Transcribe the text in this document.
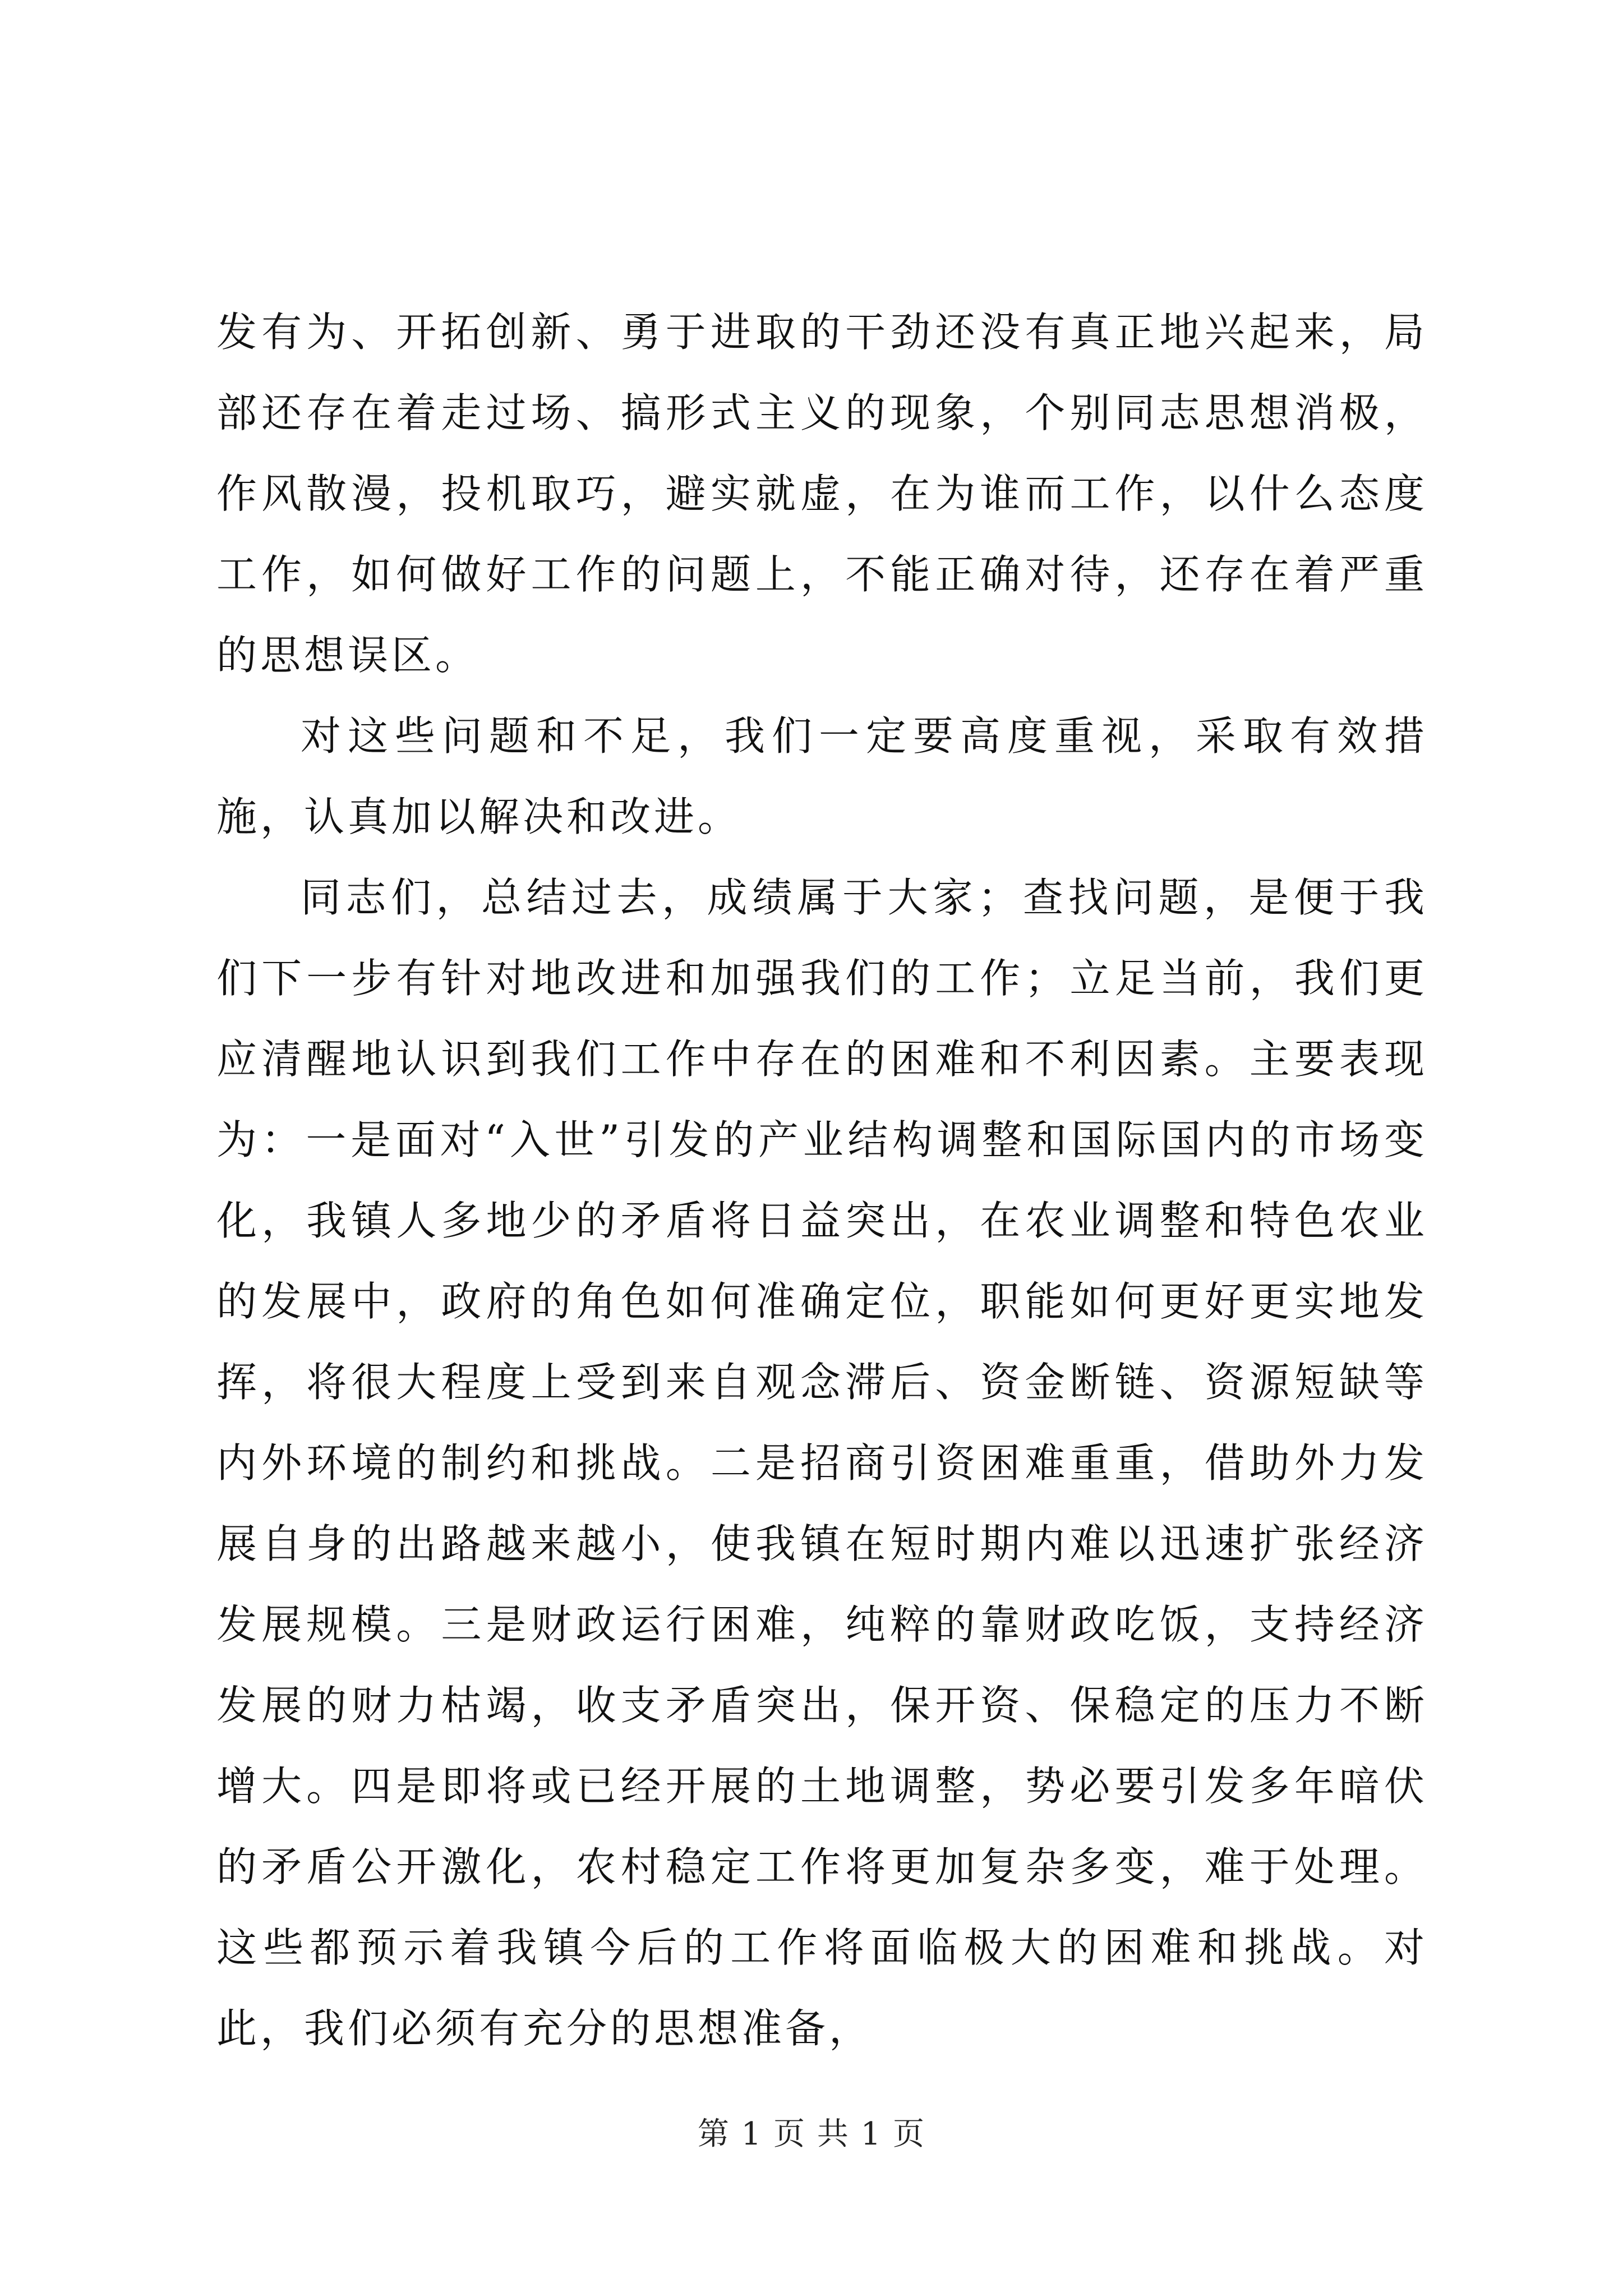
发有为、开拓创新、勇于进取的干劲还没有真正地兴起来，局部还存在着走过场、搞形式主义的现象，个别同志思想消极，作风散漫，投机取巧，避实就虚，在为谁而工作，以什么态度工作，如何做好工作的问题上，不能正确对待，还存在着严重的思想误区。

对这些问题和不足，我们一定要高度重视，采取有效措施，认真加以解决和改进。

同志们，总结过去，成绩属于大家；查找问题，是便于我们下一步有针对地改进和加强我们的工作；立足当前，我们更应清醒地认识到我们工作中存在的困难和不利因素。主要表现为：一是面对“入世”引发的产业结构调整和国际国内的市场变化，我镇人多地少的矛盾将日益突出，在农业调整和特色农业的发展中，政府的角色如何准确定位，职能如何更好更实地发挥，将很大程度上受到来自观念滞后、资金断链、资源短缺等内外环境的制约和挑战。二是招商引资困难重重，借助外力发展自身的出路越来越小，使我镇在短时期内难以迅速扩张经济发展规模。三是财政运行困难，纯粹的靠财政吃饭，支持经济发展的财力枯竭，收支矛盾突出，保开资、保稳定的压力不断增大。四是即将或已经开展的土地调整，势必要引发多年暗伏的矛盾公开激化，农村稳定工作将更加复杂多变，难于处理。这些都预示着我镇今后的工作将面临极大的困难和挑战。对此，我们必须有充分的思想准备，

第 1 页 共 1 页
